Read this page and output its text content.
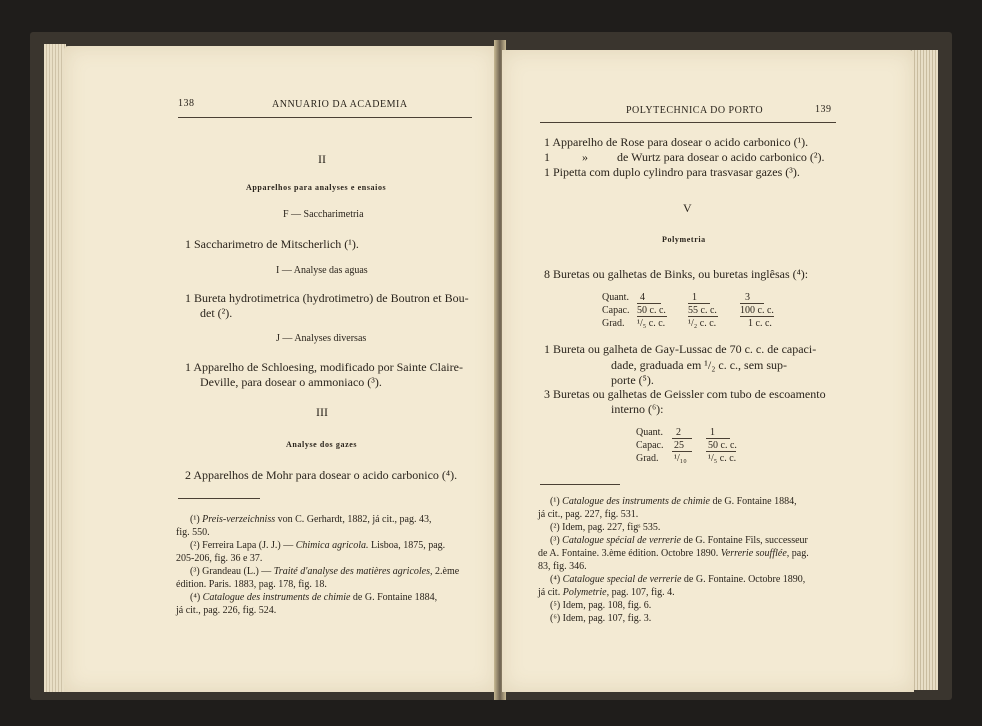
138	ANNUARIO DA ACADEMIA
II
Apparelhos para analyses e ensaios
F — Saccharimetria
1 Saccharimetro de Mitscherlich (¹).
I — Analyse das aguas
1 Bureta hydrotimetrica (hydrotimetro) de Boutron et Bou-
det (²).
J — Analyses diversas
1 Apparelho de Schloesing, modificado por Sainte Claire-
Deville, para dosear o ammoniaco (³).
III
Analyse dos gazes
2 Apparelhos de Mohr para dosear o acido carbonico (⁴).
(¹) Preis-verzeichniss von C. Gerhardt, 1882, já cit., pag. 43,
fig. 550.
(²) Ferreira Lapa (J. J.) — Chimica agricola. Lisboa, 1875, pag.
205-206, fig. 36 e 37.
(³) Grandeau (L.) — Traité d'analyse des matières agricoles, 2.ème
édition. Paris. 1883, pag. 178, fig. 18.
(⁴) Catalogue des instruments de chimie de G. Fontaine 1884,
já cit., pag. 226, fig. 524.
POLYTECHNICA DO PORTO	139
1 Apparelho de Rose para dosear o acido carbonico (¹).
1	» de Wurtz para dosear o acido carbonico (²).
1 Pipetta com duplo cylindro para trasvasar gazes (³).
V
Polymetria
8 Buretas ou galhetas de Binks, ou buretas inglêsas (⁴):
Quant. 4	1	3
Capac. 50 c. c. 55 c. c. 100 c. c.
Grad. ¹/₅ c. c. ¹/₂ c. c.	1 c. c.
1 Bureta ou galheta de Gay-Lussac de 70 c. c. de capaci-
dade, graduada em ¹/₂ c. c., sem sup-
porte (⁵).
3 Buretas ou galhetas de Geissler com tubo de escoamento
interno (⁶):
Quant. 2	1
Capac. 25 50 c. c.
Grad. ¹/₁₀ ¹/₅ c. c.
(¹) Catalogue des instruments de chimie de G. Fontaine 1884,
já cit., pag. 227, fig. 531.
(²) Idem, pag. 227, figˢ 535.
(³) Catalogue spécial de verrerie de G. Fontaine Fils, successeur
de A. Fontaine. 3.ème édition. Octobre 1890. Verrerie soufflée, pag.
83, fig. 346.
(⁴) Catalogue special de verrerie de G. Fontaine. Octobre 1890,
já cit. Polymetrie, pag. 107, fig. 4.
(⁵) Idem, pag. 108, fig. 6.
(⁶) Idem, pag. 107, fig. 3.
